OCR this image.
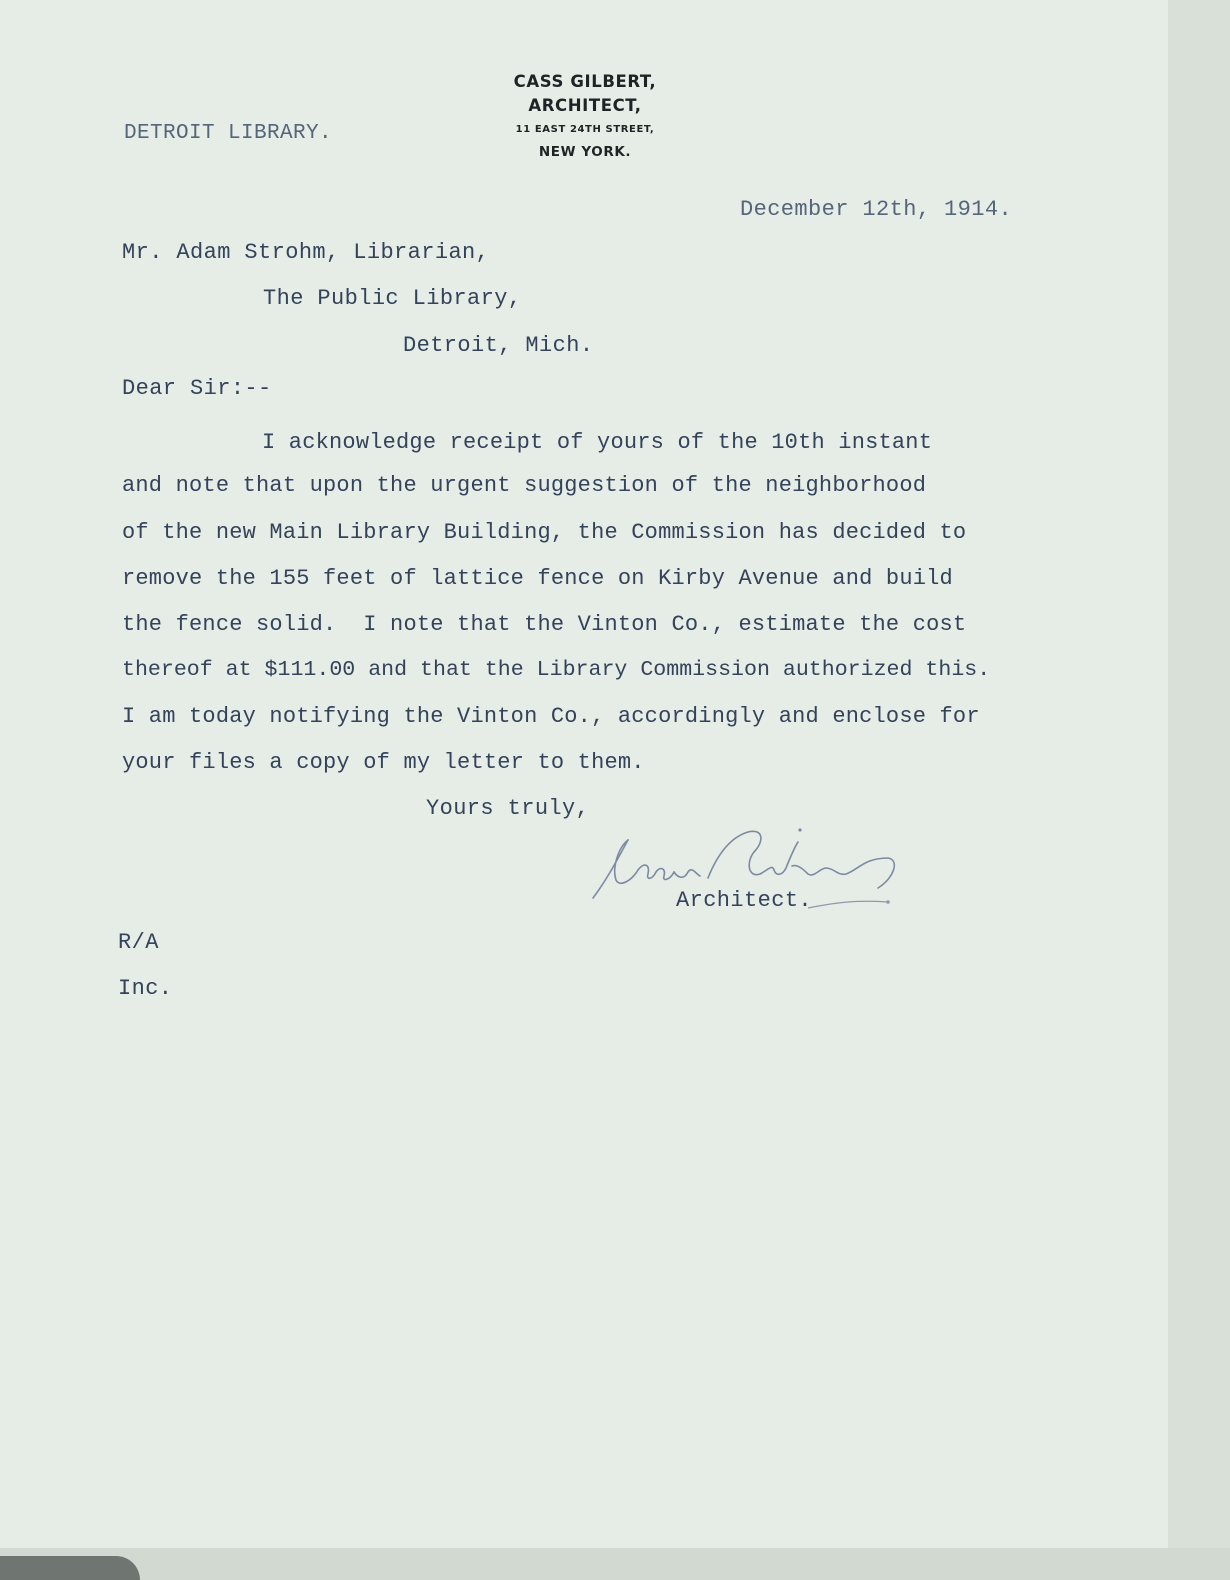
CASS GILBERT,
ARCHITECT,
11 EAST 24TH STREET,
NEW YORK.
DETROIT LIBRARY.
December 12th, 1914.
Mr. Adam Strohm, Librarian,
The Public Library,
Detroit, Mich.
Dear Sir:--
I acknowledge receipt of yours of the 10th instant
and note that upon the urgent suggestion of the neighborhood
of the new Main Library Building, the Commission has decided to
remove the 155 feet of lattice fence on Kirby Avenue and build
the fence solid.  I note that the Vinton Co., estimate the cost
thereof at $111.00 and that the Library Commission authorized this.
I am today notifying the Vinton Co., accordingly and enclose for
your files a copy of my letter to them.
Yours truly,
Architect.
R/A
Inc.
